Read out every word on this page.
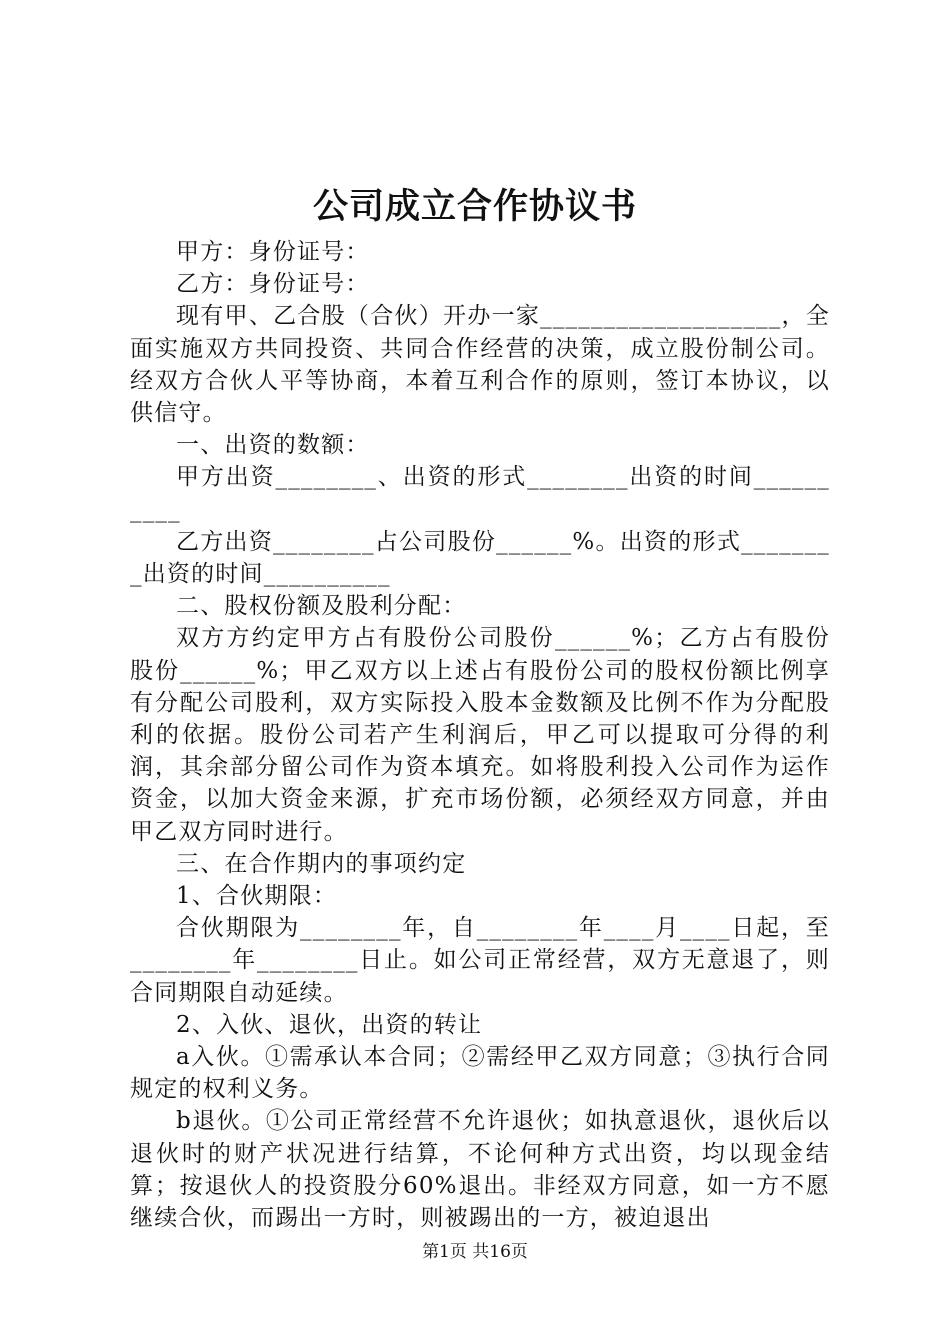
公司成立合作协议书

甲方：身份证号：

乙方：身份证号：

现有甲、乙合股（合伙）开办一家___________________，全面实施双方共同投资、共同合作经营的决策，成立股份制公司。经双方合伙人平等协商，本着互利合作的原则，签订本协议，以供信守。

一、出资的数额：

甲方出资________、出资的形式________出资的时间__________

乙方出资________占公司股份______%。出资的形式________出资的时间__________

二、股权份额及股利分配：

双方方约定甲方占有股份公司股份______%；乙方占有股份股份______%；甲乙双方以上述占有股份公司的股权份额比例享有分配公司股利，双方实际投入股本金数额及比例不作为分配股利的依据。股份公司若产生利润后，甲乙可以提取可分得的利润，其余部分留公司作为资本填充。如将股利投入公司作为运作资金，以加大资金来源，扩充市场份额，必须经双方同意，并由甲乙双方同时进行。

三、在合作期内的事项约定

1、合伙期限：

合伙期限为________年，自________年____月____日起，至________年________日止。如公司正常经营，双方无意退了，则合同期限自动延续。

2、入伙、退伙，出资的转让

a入伙。①需承认本合同；②需经甲乙双方同意；③执行合同规定的权利义务。

b退伙。①公司正常经营不允许退伙；如执意退伙，退伙后以退伙时的财产状况进行结算，不论何种方式出资，均以现金结算；按退伙人的投资股分60%退出。非经双方同意，如一方不愿继续合伙，而踢出一方时，则被踢出的一方，被迫退出

第1页 共16页
